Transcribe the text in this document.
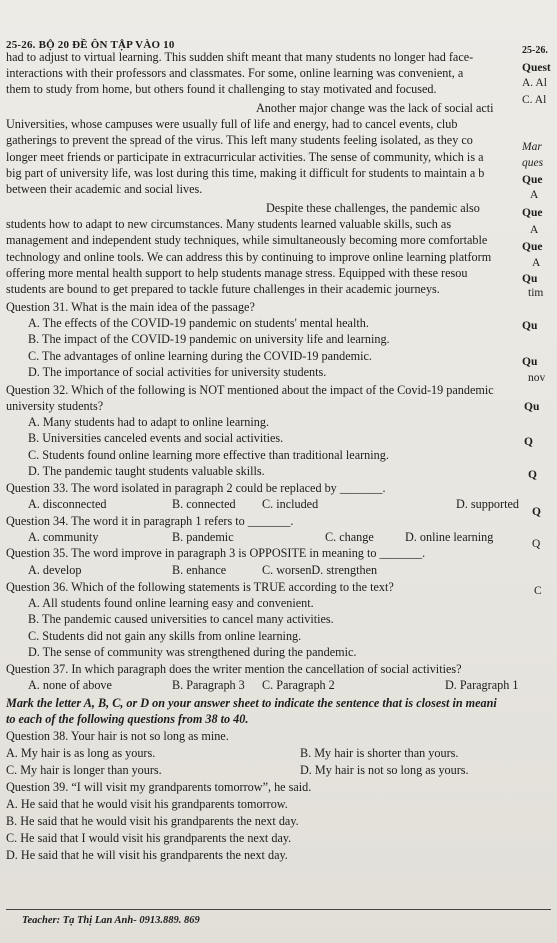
25-26. BỘ 20 ĐỀ ÔN TẬP VÀO 10
had to adjust to virtual learning. This sudden shift meant that many students no longer had face-
interactions with their professors and classmates. For some, online learning was convenient, a
them to study from home, but others found it challenging to stay motivated and focused.
Another major change was the lack of social acti
Universities, whose campuses were usually full of life and energy, had to cancel events, club
gatherings to prevent the spread of the virus. This left many students feeling isolated, as they co
longer meet friends or participate in extracurricular activities. The sense of community, which is a
big part of university life, was lost during this time, making it difficult for students to maintain a b
between their academic and social lives.
Despite these challenges, the pandemic also
students how to adapt to new circumstances. Many students learned valuable skills, such as
management and independent study techniques, while simultaneously becoming more comfortable
technology and online tools. We can address this by continuing to improve online learning platform
offering more mental health support to help students manage stress. Equipped with these resou
students are bound to get prepared to tackle future challenges in their academic journeys.
Question 31. What is the main idea of the passage?
A. The effects of the COVID-19 pandemic on students' mental health.
B. The impact of the COVID-19 pandemic on university life and learning.
C. The advantages of online learning during the COVID-19 pandemic.
D. The importance of social activities for university students.
Question 32. Which of the following is NOT mentioned about the impact of the Covid-19 pandemic
university students?
A. Many students had to adapt to online learning.
B. Universities canceled events and social activities.
C. Students found online learning more effective than traditional learning.
D. The pandemic taught students valuable skills.
Question 33. The word isolated in paragraph 2 could be replaced by _______.
A. disconnected	B. connected C. included	D. supported
Question 34. The word it in paragraph 1 refers to _______.
A. community	B. pandemic	C. change	D. online learning
Question 35. The word improve in paragraph 3 is OPPOSITE in meaning to _______.
A. develop	B. enhance	C. worsenD. strengthen
Question 36. Which of the following statements is TRUE according to the text?
A. All students found online learning easy and convenient.
B. The pandemic caused universities to cancel many activities.
C. Students did not gain any skills from online learning.
D. The sense of community was strengthened during the pandemic.
Question 37. In which paragraph does the writer mention the cancellation of social activities?
A. none of above	B. Paragraph 3 C. Paragraph 2	D. Paragraph 1
Mark the letter A, B, C, or D on your answer sheet to indicate the sentence that is closest in meani
to each of the following questions from 38 to 40.
Question 38. Your hair is not so long as mine.
A. My hair is as long as yours.	B. My hair is shorter than yours.
C. My hair is longer than yours.	D. My hair is not so long as yours.
Question 39. “I will visit my grandparents tomorrow”, he said.
A. He said that he would visit his grandparents tomorrow.
B. He said that he would visit his grandparents the next day.
C. He said that I would visit his grandparents the next day.
D. He said that he will visit his grandparents the next day.
Teacher: Tạ Thị Lan Anh- 0913.889. 869
25-26.
Quest
A. Al
C. Al
Mar
ques
Que
A
Que
A
Que
A
Qu
tim
Qu
Qu
nov
Qu
Q
Q
Q
Q
C
